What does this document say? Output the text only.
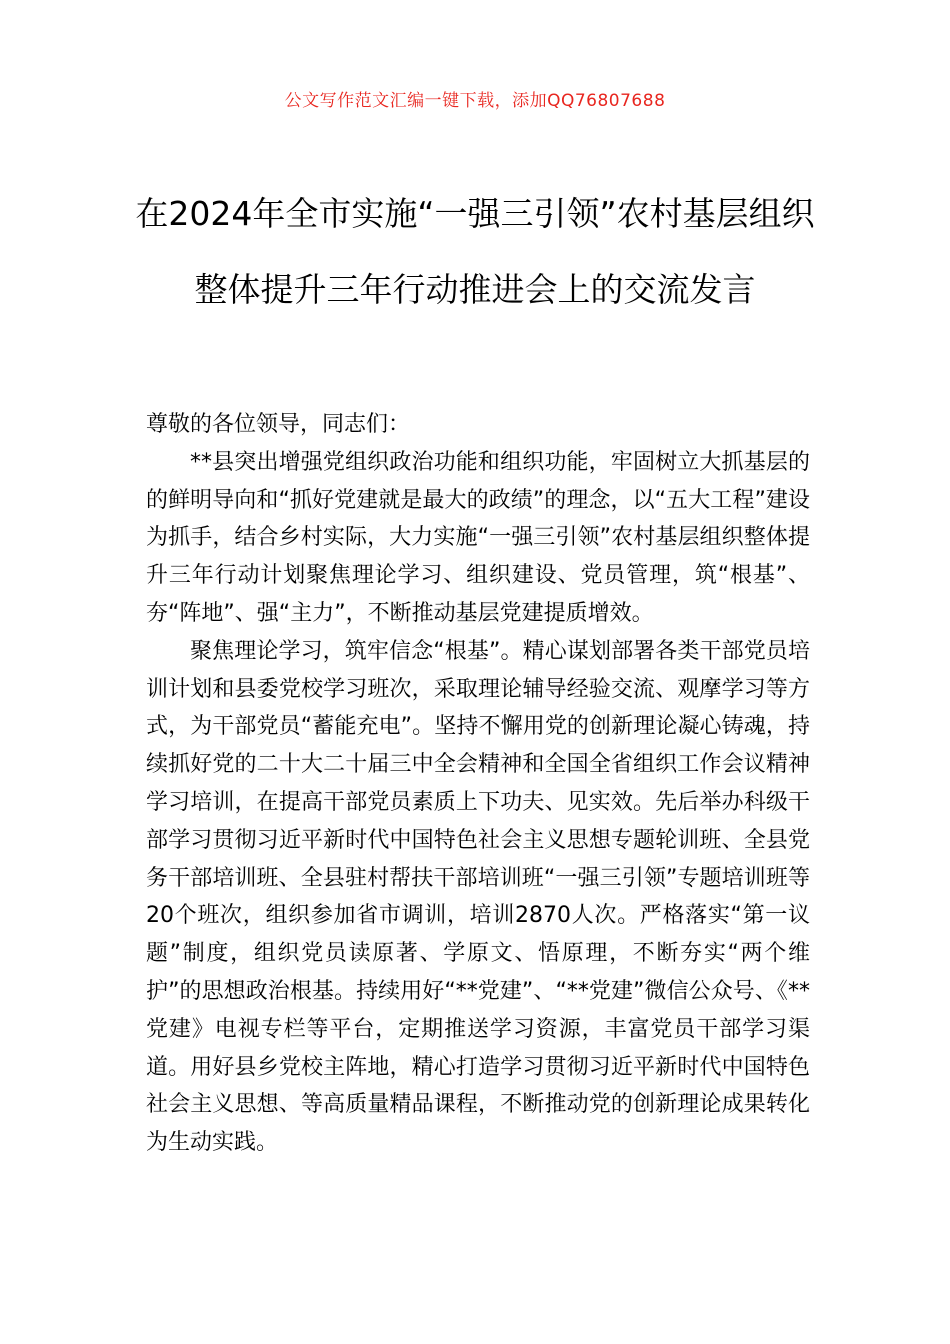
公文写作范文汇编一键下载，添加QQ76807688
在2024年全市实施“一强三引领”农村基层组织整体提升三年行动推进会上的交流发言

尊敬的各位领导，同志们：

**县突出增强党组织政治功能和组织功能，牢固树立大抓基层的的鲜明导向和“抓好党建就是最大的政绩”的理念，以“五大工程”建设为抓手，结合乡村实际，大力实施“一强三引领”农村基层组织整体提升三年行动计划聚焦理论学习、组织建设、党员管理，筑“根基”、夯“阵地”、强“主力”，不断推动基层党建提质增效。

聚焦理论学习，筑牢信念“根基”。精心谋划部署各类干部党员培训计划和县委党校学习班次，采取理论辅导经验交流、观摩学习等方式，为干部党员“蓄能充电”。坚持不懈用党的创新理论凝心铸魂，持续抓好党的二十大二十届三中全会精神和全国全省组织工作会议精神学习培训，在提高干部党员素质上下功夫、见实效。先后举办科级干部学习贯彻习近平新时代中国特色社会主义思想专题轮训班、全县党务干部培训班、全县驻村帮扶干部培训班“一强三引领”专题培训班等20个班次，组织参加省市调训，培训2870人次。严格落实“第一议题”制度，组织党员读原著、学原文、悟原理，不断夯实“两个维护”的思想政治根基。持续用好“**党建”、“**党建”微信公众号、《**党建》电视专栏等平台，定期推送学习资源，丰富党员干部学习渠道。用好县乡党校主阵地，精心打造学习贯彻习近平新时代中国特色社会主义思想、等高质量精品课程，不断推动党的创新理论成果转化为生动实践。
